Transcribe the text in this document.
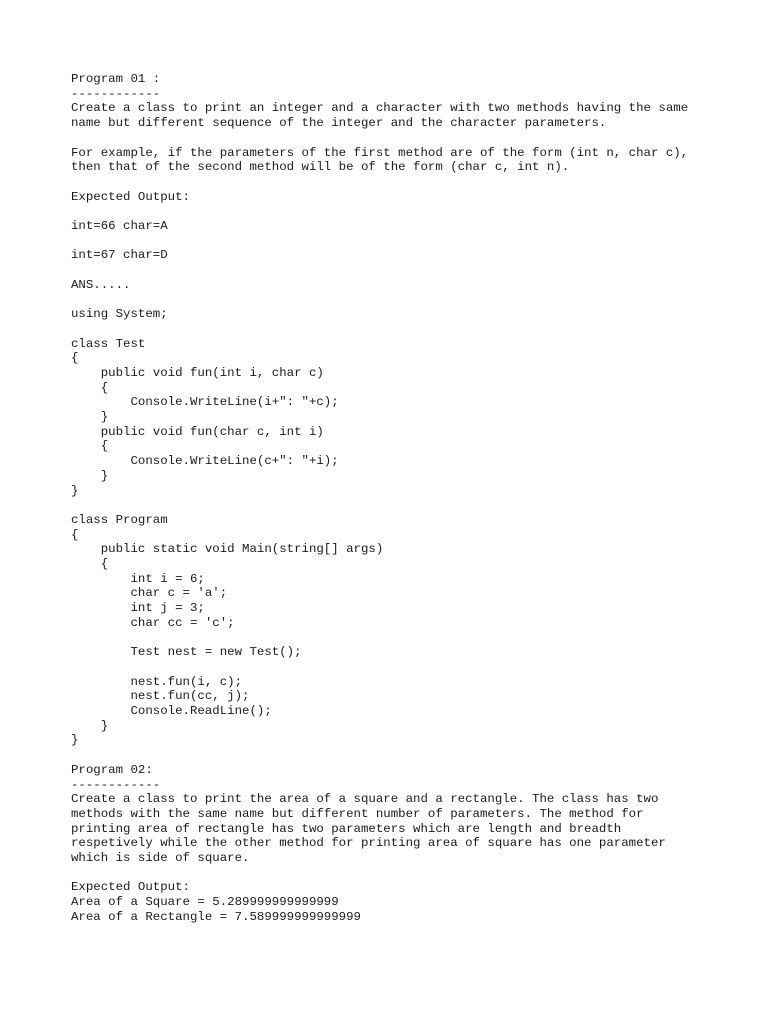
Program 01 :
------------
Create a class to print an integer and a character with two methods having the same
name but different sequence of the integer and the character parameters.
For example, if the parameters of the first method are of the form (int n, char c),
then that of the second method will be of the form (char c, int n).
Expected Output:
int=66 char=A
int=67 char=D
ANS.....
using System;
class Test
{
public void fun(int i, char c)
{
Console.WriteLine(i+": "+c);
}
public void fun(char c, int i)
{
Console.WriteLine(c+": "+i);
}
}
class Program
{
public static void Main(string[] args)
{
int i = 6;
char c = 'a';
int j = 3;
char cc = 'c';
Test nest = new Test();
nest.fun(i, c);
nest.fun(cc, j);
Console.ReadLine();
}
}
Program 02:
------------
Create a class to print the area of a square and a rectangle. The class has two
methods with the same name but different number of parameters. The method for
printing area of rectangle has two parameters which are length and breadth
respetively while the other method for printing area of square has one parameter
which is side of square.
Expected Output:
Area of a Square = 5.289999999999999
Area of a Rectangle = 7.589999999999999
